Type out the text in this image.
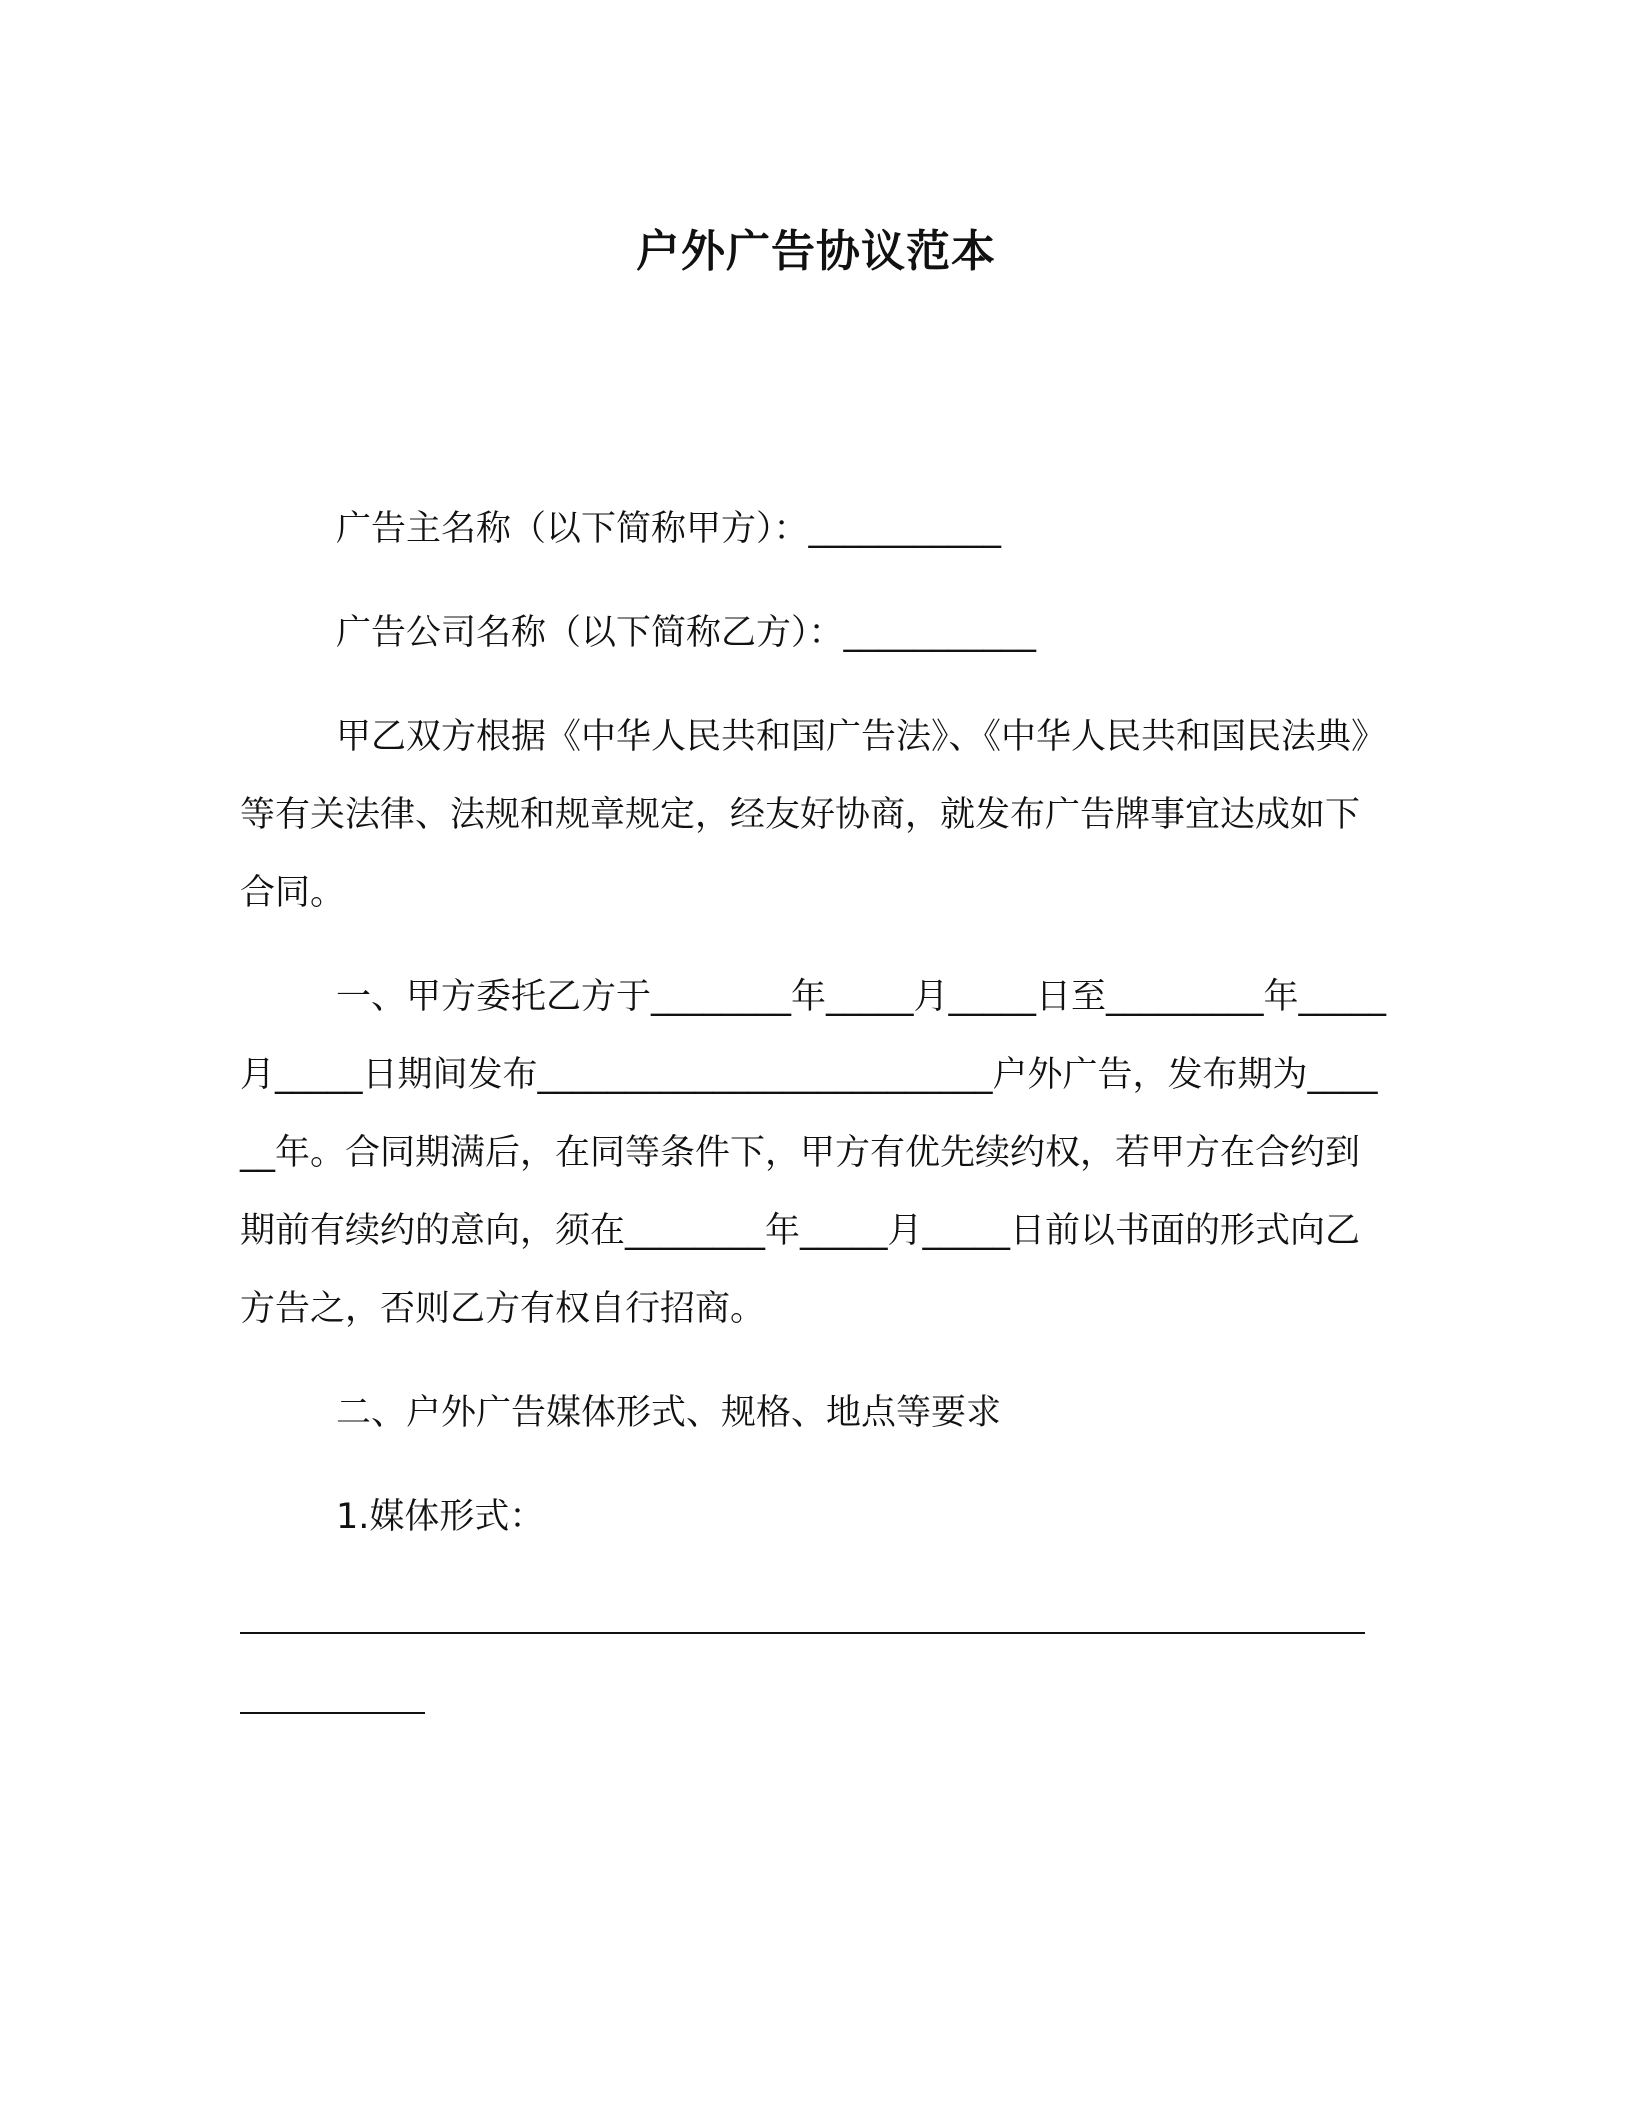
户外广告协议范本

广告主名称（以下简称甲方）：___________

广告公司名称（以下简称乙方）：___________

甲乙双方根据《中华人民共和国广告法》、《中华人民共和国民法典》等有关法律、法规和规章规定，经友好协商，就发布广告牌事宜达成如下合同。

一、甲方委托乙方于________年_____月_____日至_________年_____月_____日期间发布__________________________户外广告，发布期为______年。合同期满后，在同等条件下，甲方有优先续约权，若甲方在合约到期前有续约的意向，须在________年_____月_____日前以书面的形式向乙方告之，否则乙方有权自行招商。

二、户外广告媒体形式、规格、地点等要求

1.媒体形式：
